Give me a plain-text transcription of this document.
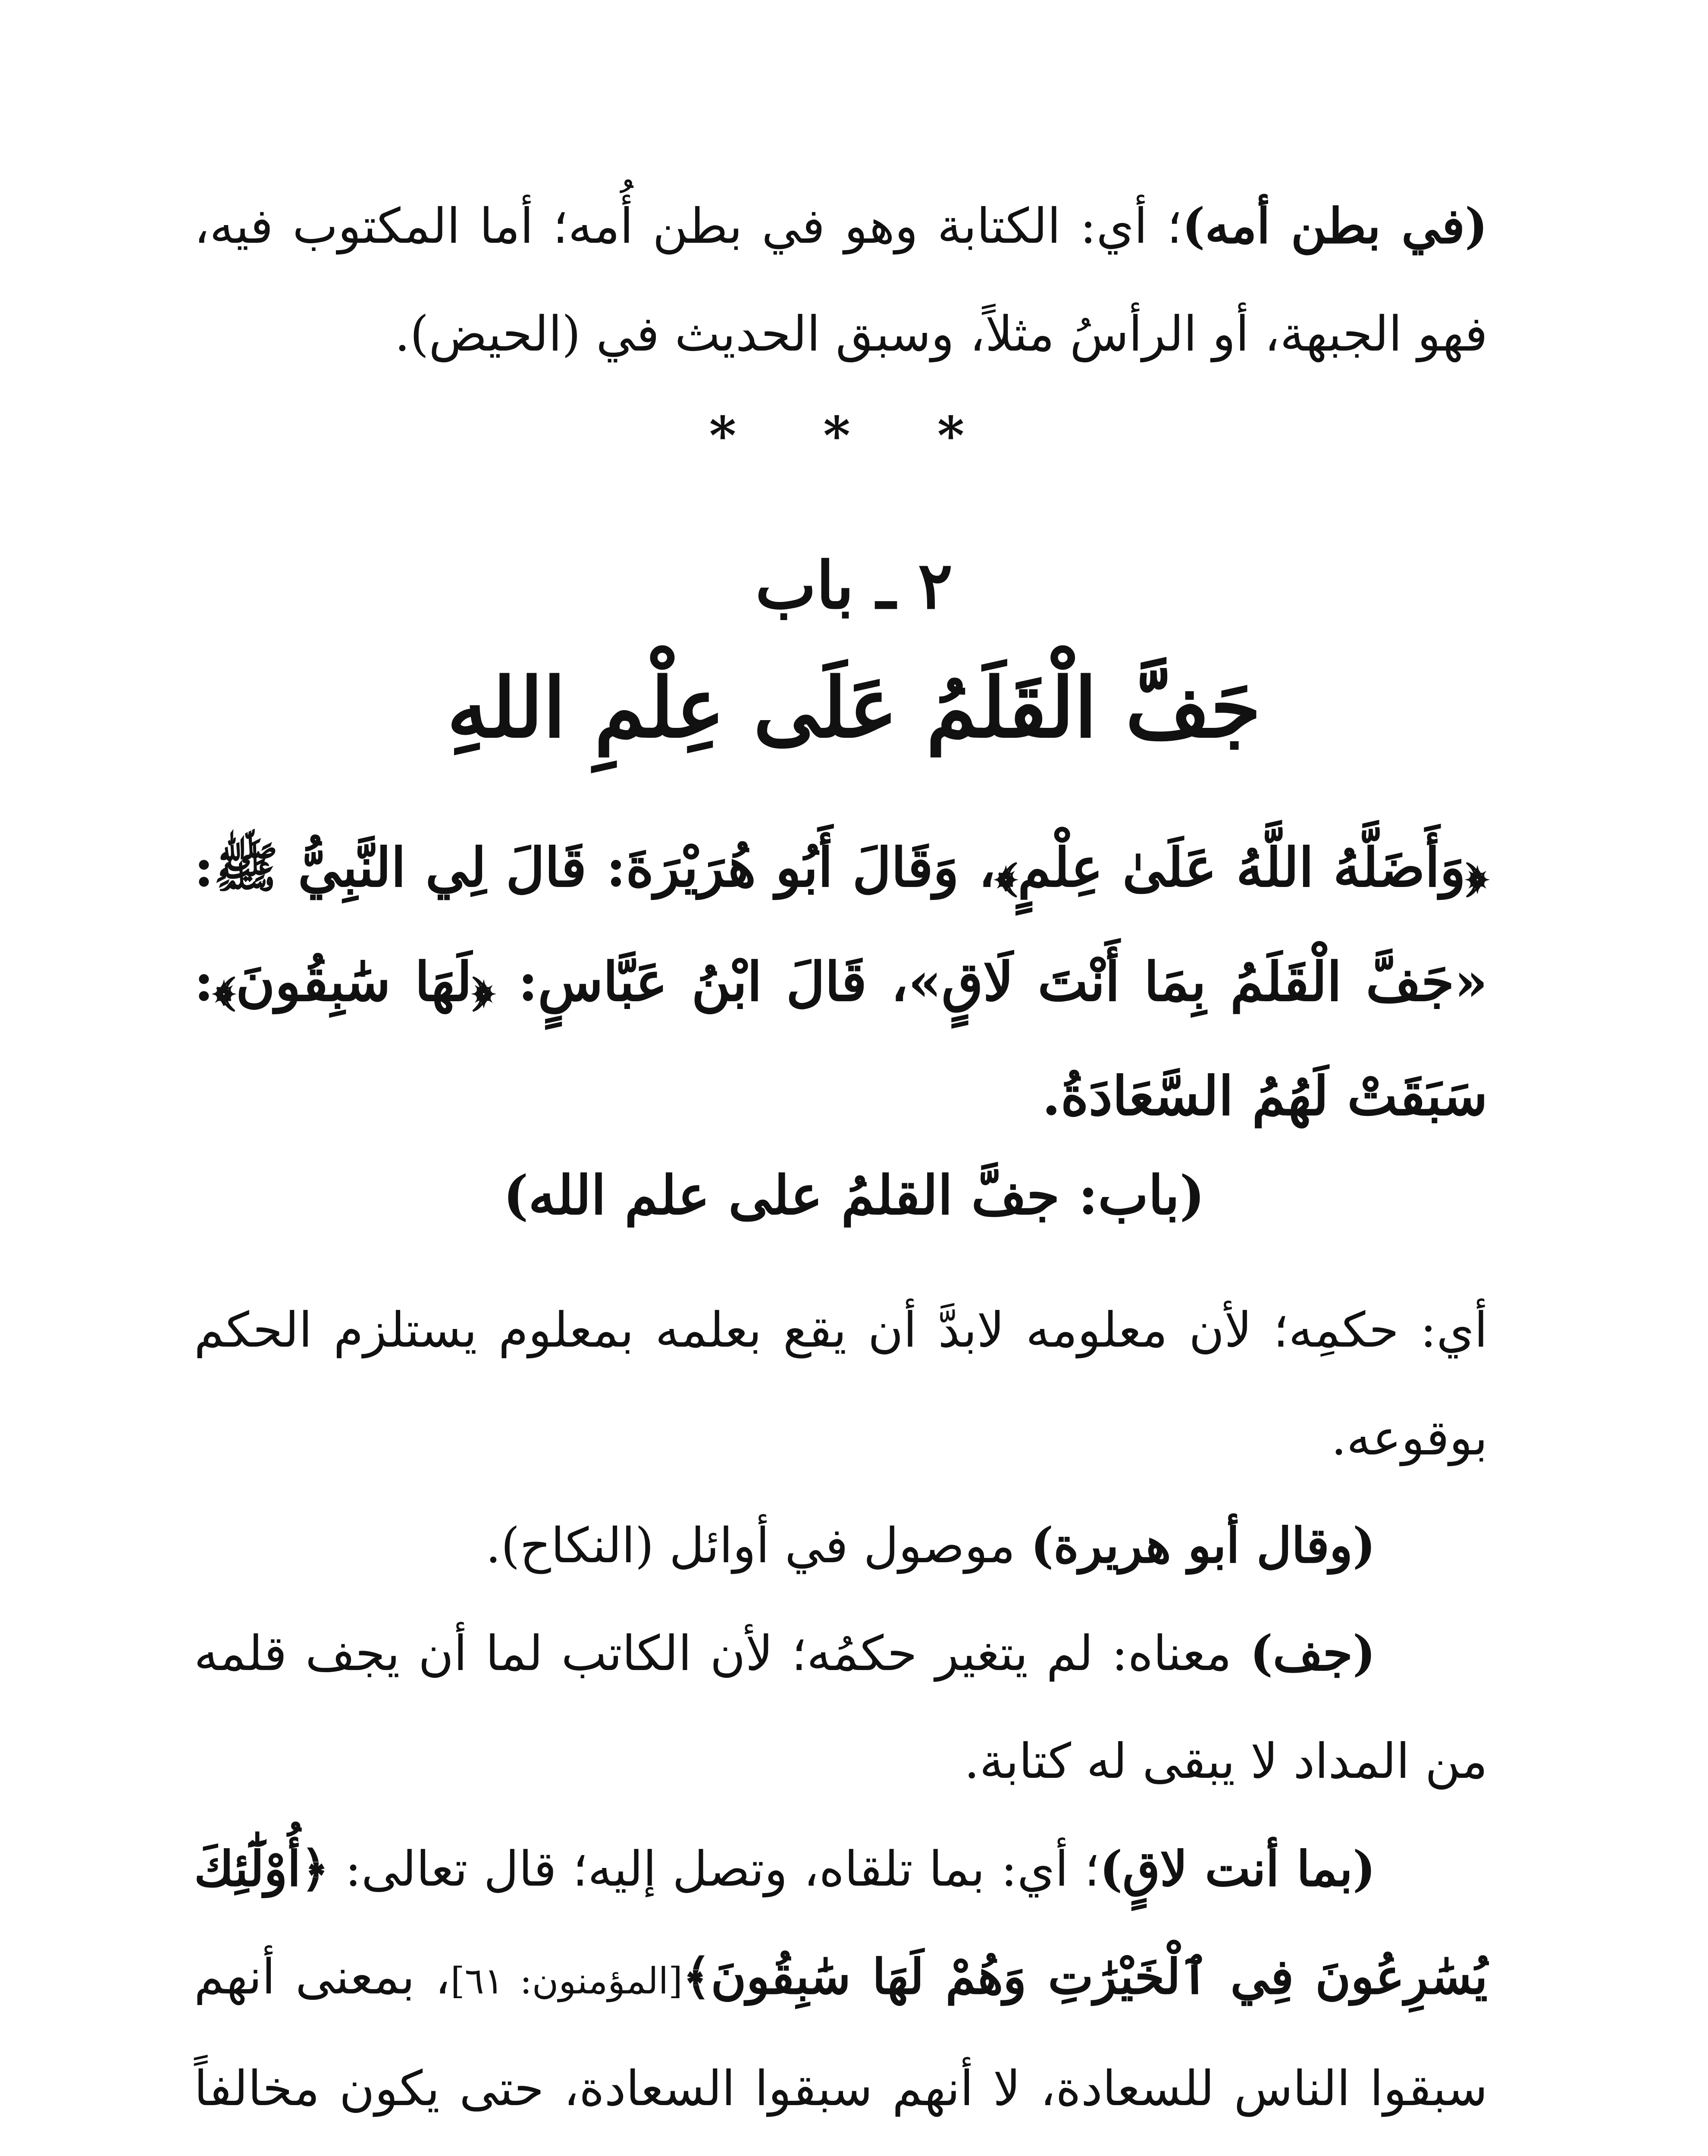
(في بطن أمه)؛ أي: الكتابة وهو في بطن أُمه؛ أما المكتوب فيه، فهو الجبهة، أو الرأسُ مثلاً، وسبق الحديث في (الحيض).
* * *
٢ ـ باب
جَفَّ الْقَلَمُ عَلَى عِلْمِ اللهِ
﴿وَأَضَلَّهُ اللَّهُ عَلَىٰ عِلْمٍ﴾، وَقَالَ أَبُو هُرَيْرَةَ: قَالَ لِي النَّبِيُّ ﷺ: «جَفَّ الْقَلَمُ بِمَا أَنْتَ لَاقٍ»، قَالَ ابْنُ عَبَّاسٍ: ﴿لَهَا سَٰبِقُونَ﴾: سَبَقَتْ لَهُمُ السَّعَادَةُ.
(باب: جفَّ القلمُ على علم الله)
أي: حكمِه؛ لأن معلومه لابدَّ أن يقع بعلمه بمعلوم يستلزم الحكم بوقوعه.
(وقال أبو هريرة) موصول في أوائل (النكاح).
(جف) معناه: لم يتغير حكمُه؛ لأن الكاتب لما أن يجف قلمه من المداد لا يبقى له كتابة.
(بما أنت لاقٍ)؛ أي: بما تلقاه، وتصل إليه؛ قال تعالى: ﴿أُوْلَٰٓئِكَ يُسَٰرِعُونَ فِي ٱلْخَيْرَٰتِ وَهُمْ لَهَا سَٰبِقُونَ﴾[المؤمنون: ٦١]، بمعنى أنهم سبقوا الناس للسعادة، لا أنهم سبقوا السعادة، حتى يكون مخالفاً
